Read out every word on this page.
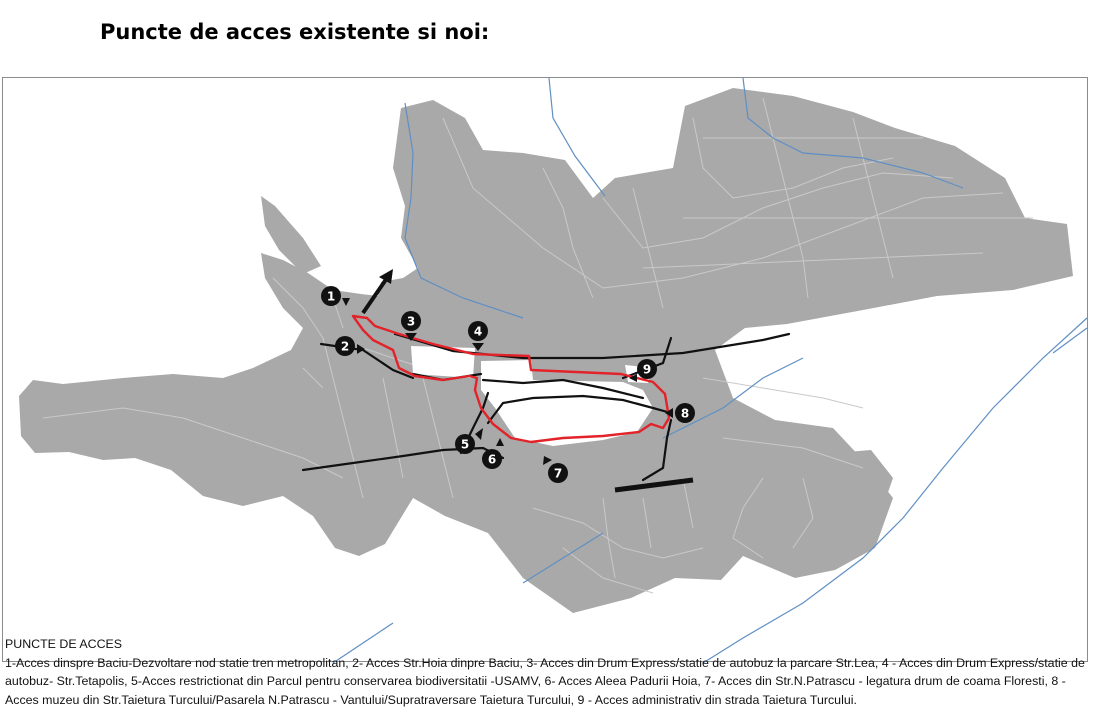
Puncte de acces existente si noi:
1
2
3
4
5
6
7
8
9
PUNCTE DE ACCES

1-Acces dinspre Baciu-Dezvoltare nod statie tren metropolitan, 2- Acces Str.Hoia dinpre Baciu, 3- Acces din Drum Express/statie de autobuz la parcare Str.Lea, 4 - Acces din Drum Express/statie de autobuz- Str.Tetapolis, 5-Acces restrictionat din Parcul pentru conservarea biodiversitatii -USAMV, 6- Acces Aleea Padurii Hoia, 7- Acces din Str.N.Patrascu - legatura drum de coama Floresti, 8 - Acces muzeu din Str.Taietura Turcului/Pasarela N.Patrascu - Vantului/Supratraversare Taietura Turcului, 9 - Acces administrativ din strada Taietura Turcului.
